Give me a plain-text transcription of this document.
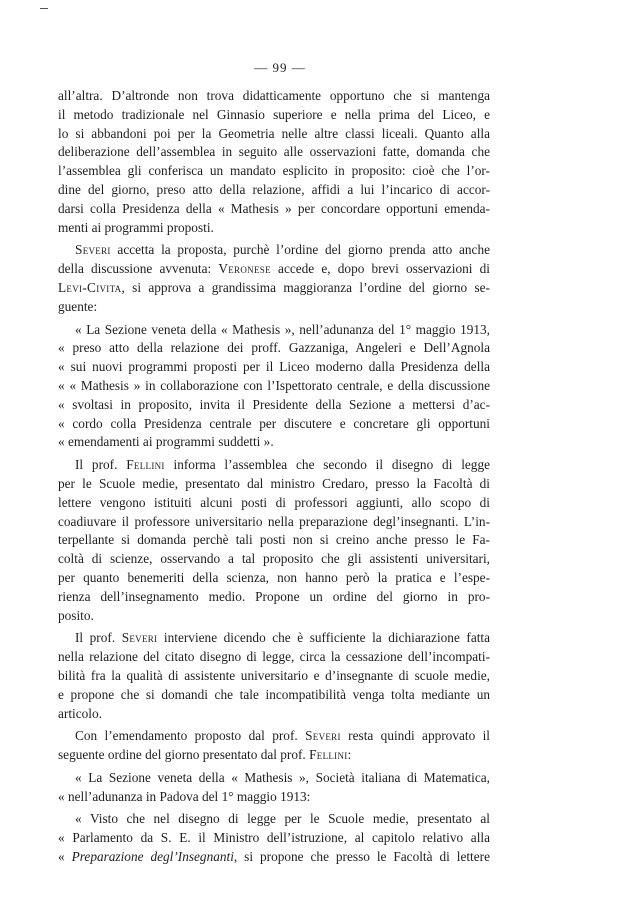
— 99 —
all’altra. D’altronde non trova didatticamente opportuno che si mantenga
il metodo tradizionale nel Ginnasio superiore e nella prima del Liceo, e
lo si abbandoni poi per la Geometria nelle altre classi liceali. Quanto alla
deliberazione dell’assemblea in seguito alle osservazioni fatte, domanda che
l’assemblea gli conferisca un mandato esplicito in proposito: cioè che l’or-
dine del giorno, preso atto della relazione, affidi a lui l’incarico di accor-
darsi colla Presidenza della « Mathesis » per concordare opportuni emenda-
menti ai programmi proposti.
Severi accetta la proposta, purchè l’ordine del giorno prenda atto anche
della discussione avvenuta: Veronese accede e, dopo brevi osservazioni di
Levi-Civita, si approva a grandissima maggioranza l’ordine del giorno se-
guente:
« La Sezione veneta della « Mathesis », nell’adunanza del 1° maggio 1913,
« preso atto della relazione dei proff. Gazzaniga, Angeleri e Dell’Agnola
« sui nuovi programmi proposti per il Liceo moderno dalla Presidenza della
« « Mathesis » in collaborazione con l’Ispettorato centrale, e della discussione
« svoltasi in proposito, invita il Presidente della Sezione a mettersi d’ac-
« cordo colla Presidenza centrale per discutere e concretare gli opportuni
« emendamenti ai programmi suddetti ».
Il prof. Fellini informa l’assemblea che secondo il disegno di legge
per le Scuole medie, presentato dal ministro Credaro, presso la Facoltà di
lettere vengono istituiti alcuni posti di professori aggiunti, allo scopo di
coadiuvare il professore universitario nella preparazione degl’insegnanti. L’in-
terpellante si domanda perchè tali posti non si creino anche presso le Fa-
coltà di scienze, osservando a tal proposito che gli assistenti universitari,
per quanto benemeriti della scienza, non hanno però la pratica e l’espe-
rienza dell’insegnamento medio. Propone un ordine del giorno in pro-
posito.
Il prof. Severi interviene dicendo che è sufficiente la dichiarazione fatta
nella relazione del citato disegno di legge, circa la cessazione dell’incompati-
bilità fra la qualità di assistente universitario e d’insegnante di scuole medie,
e propone che si domandi che tale incompatibilità venga tolta mediante un
articolo.
Con l’emendamento proposto dal prof. Severi resta quindi approvato il
seguente ordine del giorno presentato dal prof. Fellini:
« La Sezione veneta della « Mathesis », Società italiana di Matematica,
« nell’adunanza in Padova del 1° maggio 1913:
« Visto che nel disegno di legge per le Scuole medie, presentato al
« Parlamento da S. E. il Ministro dell’istruzione, al capitolo relativo alla
« Preparazione degl’Insegnanti, si propone che presso le Facoltà di lettere
